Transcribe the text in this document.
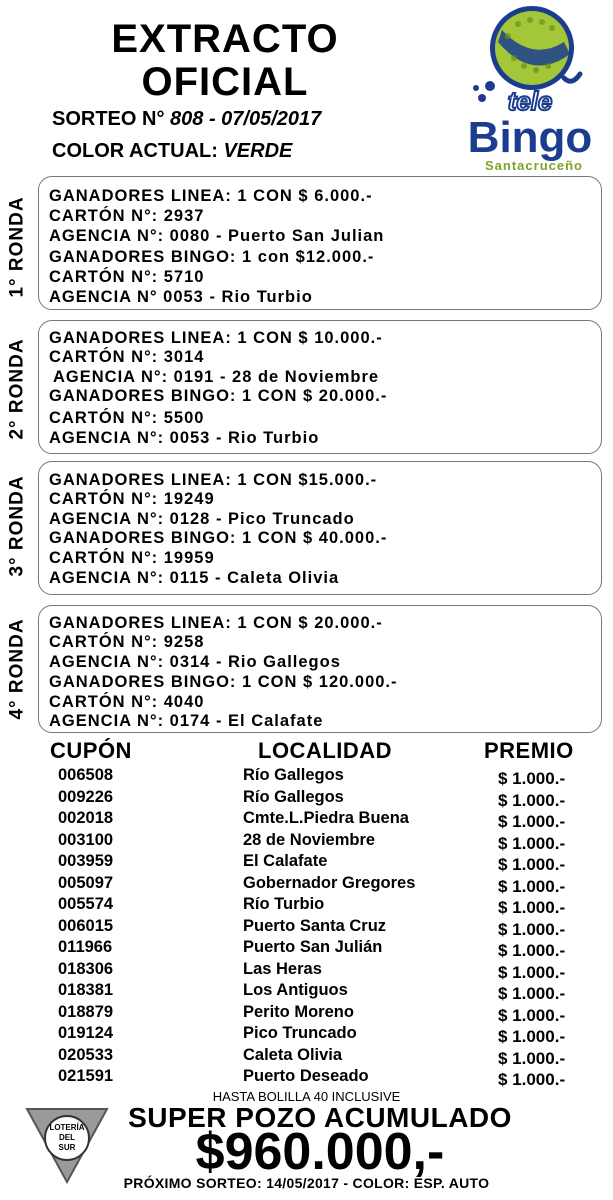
EXTRACTO
OFICIAL
SORTEO N° 808 - 07/05/2017
COLOR ACTUAL: VERDE
tele
Bingo
Santacruceño
1° RONDA
GANADORES LINEA: 1 CON $ 6.000.-
CARTÓN N°: 2937
AGENCIA N°: 0080 - Puerto San Julian
GANADORES BINGO: 1 con $12.000.-
CARTÓN N°: 5710
AGENCIA N° 0053 - Rio Turbio
2° RONDA
GANADORES LINEA: 1 CON $ 10.000.-
CARTÓN N°: 3014
AGENCIA N°: 0191 - 28 de Noviembre
GANADORES BINGO: 1 CON $ 20.000.-
CARTÓN N°: 5500
AGENCIA N°: 0053 - Rio Turbio
3° RONDA GANADORES LINEA: 1 CON $15.000.-
CARTÓN N°: 19249
AGENCIA N°: 0128 - Pico Truncado
GANADORES BINGO: 1 CON $ 40.000.-
CARTÓN N°: 19959
AGENCIA N°: 0115 - Caleta Olivia
4° RONDA GANADORES LINEA: 1 CON $ 20.000.-
CARTÓN N°: 9258
AGENCIA N°: 0314 - Rio Gallegos
GANADORES BINGO: 1 CON $ 120.000.-
CARTÓN N°: 4040
AGENCIA N°: 0174 - El Calafate
CUPÓN	LOCALIDAD	PREMIO
006508	Río Gallegos	$ 1.000.-
009226	Río Gallegos	$ 1.000.-
002018	Cmte.L.Piedra Buena	$ 1.000.-
003100	28 de Noviembre	$ 1.000.-
003959	El Calafate	$ 1.000.-
005097	Gobernador Gregores	$ 1.000.-
005574	Río Turbio	$ 1.000.-
006015	Puerto Santa Cruz	$ 1.000.-
011966	Puerto San Julián	$ 1.000.-
018306	Las Heras	$ 1.000.-
018381	Los Antiguos	$ 1.000.-
018879	Perito Moreno	$ 1.000.-
019124	Pico Truncado	$ 1.000.-
020533	Caleta Olivia	$ 1.000.-
021591	Puerto Deseado	$ 1.000.-
LOTERÍA
DEL
SUR
HASTA BOLILLA 40 INCLUSIVE
SUPER POZO ACUMULADO
$960.000,-
PRÓXIMO SORTEO: 14/05/2017 - COLOR: ESP. AUTO
